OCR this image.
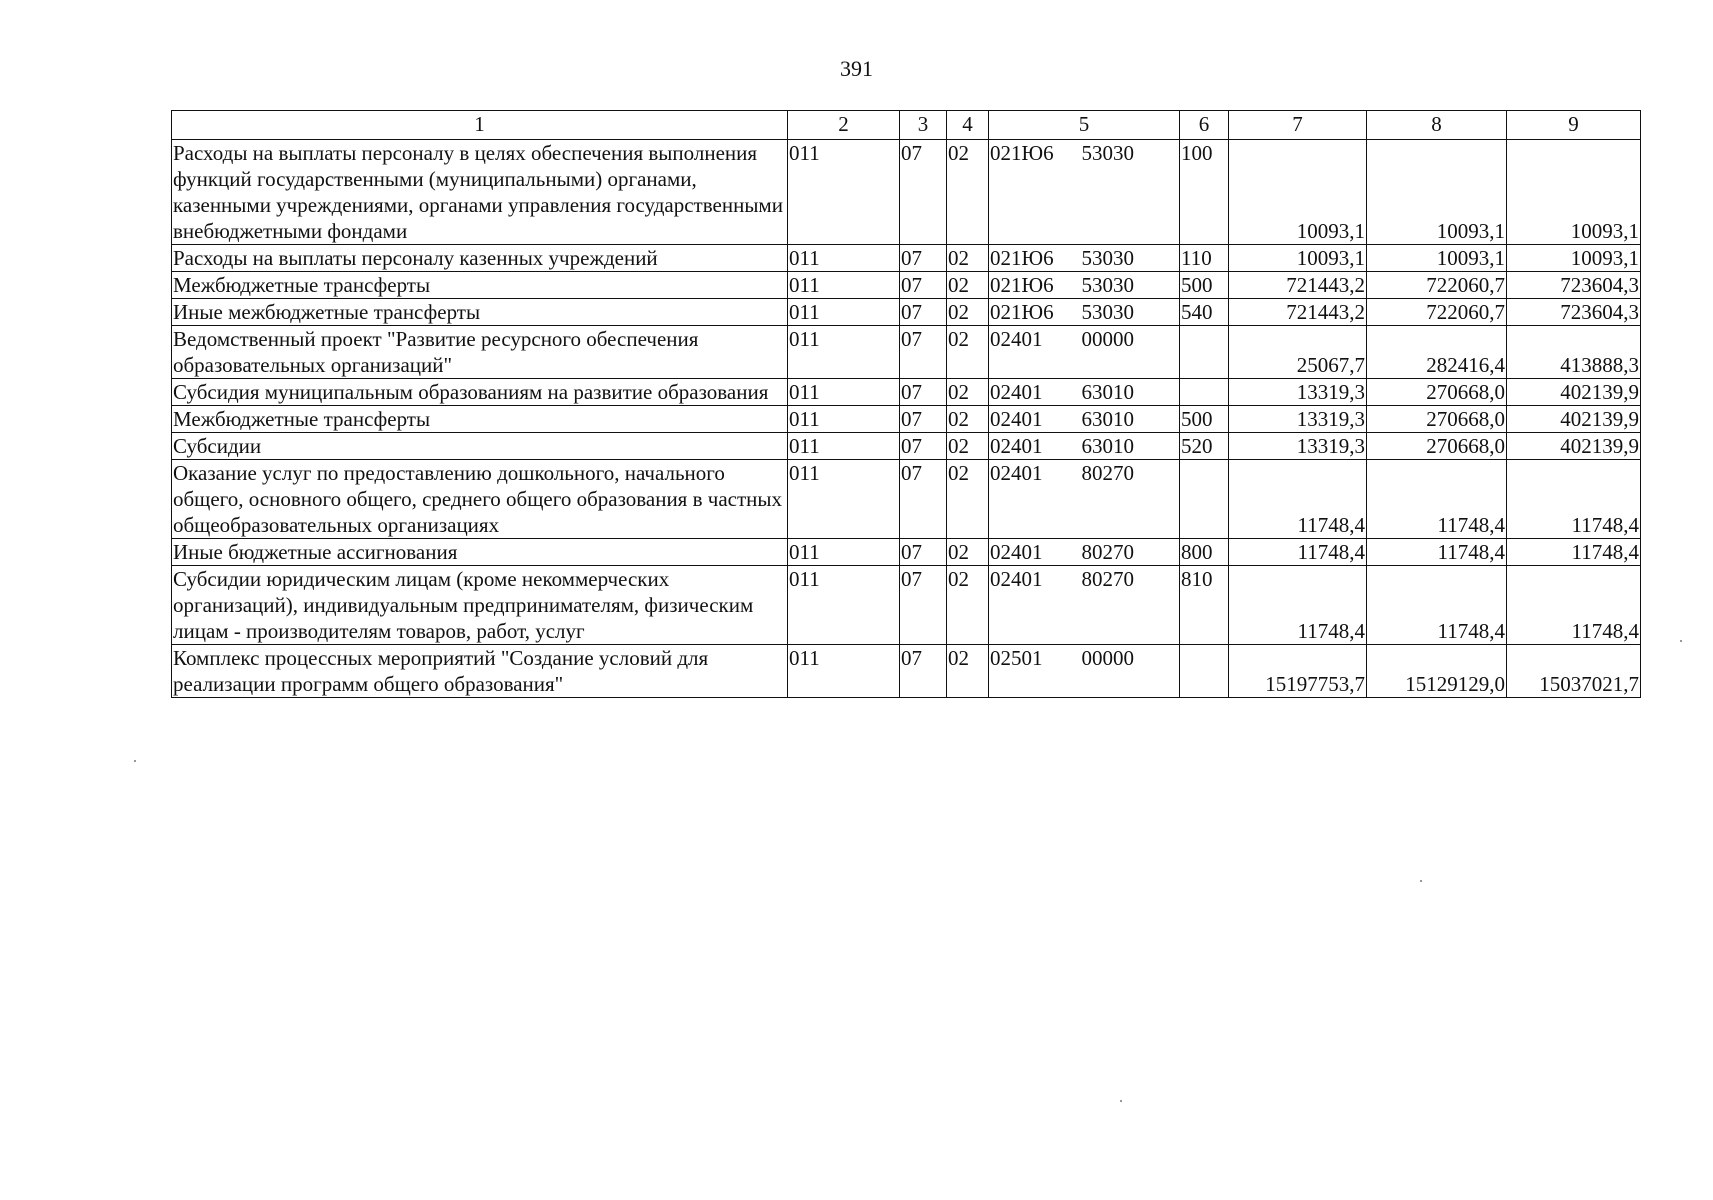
391
1	2	3	4	5		6	7	8	9
Расходы на выплаты персоналу в целях обеспечения выполнения функций государственными (муниципальными) органами, казенными учреждениями, органами управления государственными внебюджетными фондами	011	07	02	021Ю6	53030	100	10093,1	10093,1	10093,1
Расходы на выплаты персоналу казенных учреждений	011	07	02	021Ю6	53030	110	10093,1	10093,1	10093,1
Межбюджетные трансферты	011	07	02	021Ю6	53030	500	721443,2	722060,7	723604,3
Иные межбюджетные трансферты	011	07	02	021Ю6	53030	540	721443,2	722060,7	723604,3
Ведомственный проект "Развитие ресурсного обеспечения образовательных организаций"	011	07	02	02401	00000		25067,7	282416,4	413888,3
Субсидия муниципальным образованиям на развитие образования	011	07	02	02401	63010		13319,3	270668,0	402139,9
Межбюджетные трансферты	011	07	02	02401	63010	500	13319,3	270668,0	402139,9
Субсидии	011	07	02	02401	63010	520	13319,3	270668,0	402139,9
Оказание услуг по предоставлению дошкольного, начального общего, основного общего, среднего общего образования в частных общеобразовательных организациях	011	07	02	02401	80270		11748,4	11748,4	11748,4
Иные бюджетные ассигнования	011	07	02	02401	80270	800	11748,4	11748,4	11748,4
Субсидии юридическим лицам (кроме некоммерческих организаций), индивидуальным предпринимателям, физическим лицам - производителям товаров, работ, услуг	011	07	02	02401	80270	810	11748,4	11748,4	11748,4
Комплекс процессных мероприятий "Создание условий для реализации программ общего образования"	011	07	02	02501	00000		15197753,7	15129129,0	15037021,7
